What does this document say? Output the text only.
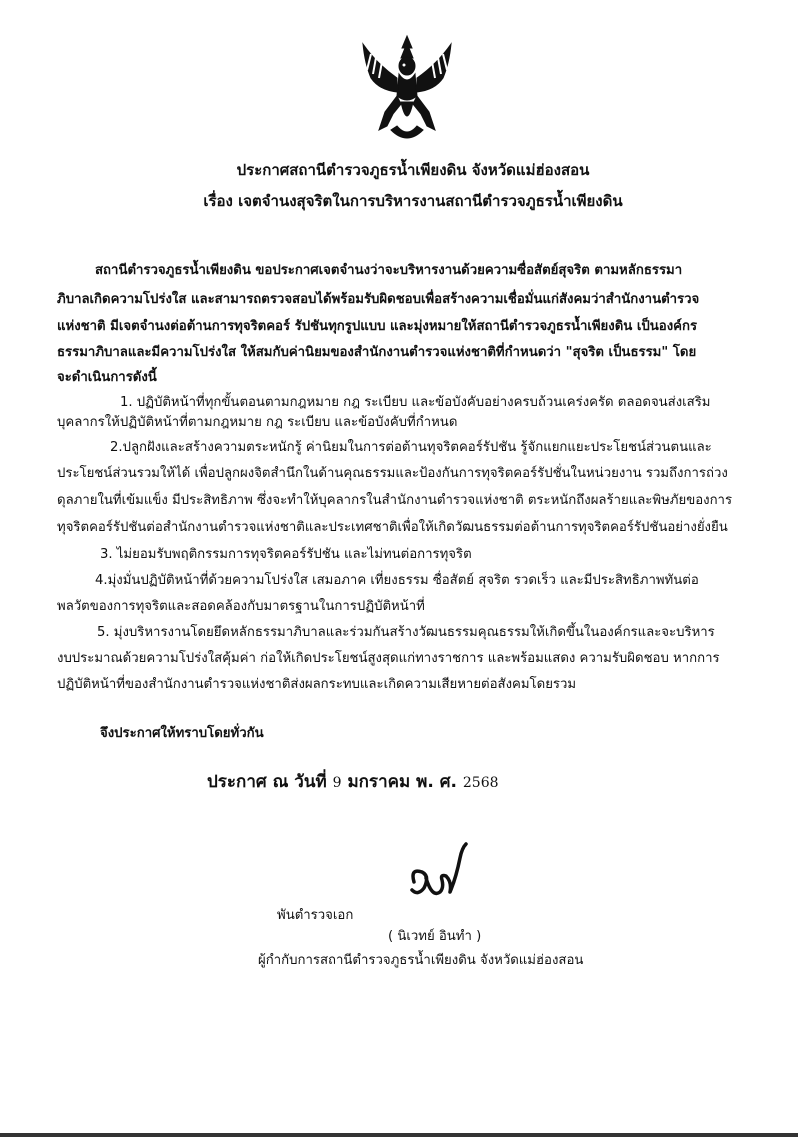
ประกาศสถานีตำรวจภูธรน้ำเพียงดิน จังหวัดแม่ฮ่องสอน
เรื่อง เจตจำนงสุจริตในการบริหารงานสถานีตำรวจภูธรน้ำเพียงดิน
สถานีตำรวจภูธรน้ำเพียงดิน ขอประกาศเจตจำนงว่าจะบริหารงานด้วยความซื่อสัตย์สุจริต ตามหลักธรรมา
ภิบาลเกิดความโปร่งใส และสามารถตรวจสอบได้พร้อมรับผิดชอบเพื่อสร้างความเชื่อมั่นแก่สังคมว่าสำนักงานตำรวจ
แห่งชาติ มีเจตจำนงต่อต้านการทุจริตคอร์ รัปชันทุกรูปแบบ และมุ่งหมายให้สถานีตำรวจภูธรน้ำเพียงดิน เป็นองค์กร
ธรรมาภิบาลและมีความโปร่งใส ให้สมกับค่านิยมของสำนักงานตำรวจแห่งชาติที่กำหนดว่า "สุจริต เป็นธรรม" โดย
จะดำเนินการดังนี้
1. ปฏิบัติหน้าที่ทุกขั้นตอนตามกฎหมาย กฎ ระเบียบ และข้อบังคับอย่างครบถ้วนเคร่งครัด ตลอดจนส่งเสริม
บุคลากรให้ปฏิบัติหน้าที่ตามกฎหมาย กฎ ระเบียบ และข้อบังคับที่กำหนด
2.ปลูกฝังและสร้างความตระหนักรู้ ค่านิยมในการต่อต้านทุจริตคอร์รัปชัน รู้จักแยกแยะประโยชน์ส่วนตนและ
ประโยชน์ส่วนรวมให้ได้ เพื่อปลูกผงจิตสำนึกในด้านคุณธรรมและป้องกันการทุจริตคอร์รัปชั่นในหน่วยงาน รวมถึงการถ่วง
ดุลภายในที่เข้มแข็ง มีประสิทธิภาพ ซึ่งจะทำให้บุคลากรในสำนักงานตำรวจแห่งชาติ ตระหนักถึงผลร้ายและพิษภัยของการ
ทุจริตคอร์รัปชันต่อสำนักงานตำรวจแห่งชาติและประเทศชาติเพื่อให้เกิดวัฒนธรรมต่อต้านการทุจริตคอร์รัปชันอย่างยั่งยืน
3. ไม่ยอมรับพฤติกรรมการทุจริตคอร์รัปชัน และไม่ทนต่อการทุจริต
4.มุ่งมั่นปฏิบัติหน้าที่ด้วยความโปร่งใส เสมอภาค เที่ยงธรรม ซื่อสัตย์ สุจริต รวดเร็ว และมีประสิทธิภาพทันต่อ
พลวัตของการทุจริตและสอดคล้องกับมาตรฐานในการปฏิบัติหน้าที่
5. มุ่งบริหารงานโดยยึดหลักธรรมาภิบาลและร่วมกันสร้างวัฒนธรรมคุณธรรมให้เกิดขึ้นในองค์กรและจะบริหาร
งบประมาณด้วยความโปร่งใสคุ้มค่า ก่อให้เกิดประโยชน์สูงสุดแก่ทางราชการ และพร้อมแสดง ความรับผิดชอบ หากการ
ปฏิบัติหน้าที่ของสำนักงานตำรวจแห่งชาติส่งผลกระทบและเกิดความเสียหายต่อสังคมโดยรวม
จึงประกาศให้ทราบโดยทั่วกัน
ประกาศ ณ วันที่ 9 มกราคม พ. ศ. 2568
พันตำรวจเอก
( นิเวทย์ อินทำ )
ผู้กำกับการสถานีตำรวจภูธรน้ำเพียงดิน จังหวัดแม่ฮ่องสอน
